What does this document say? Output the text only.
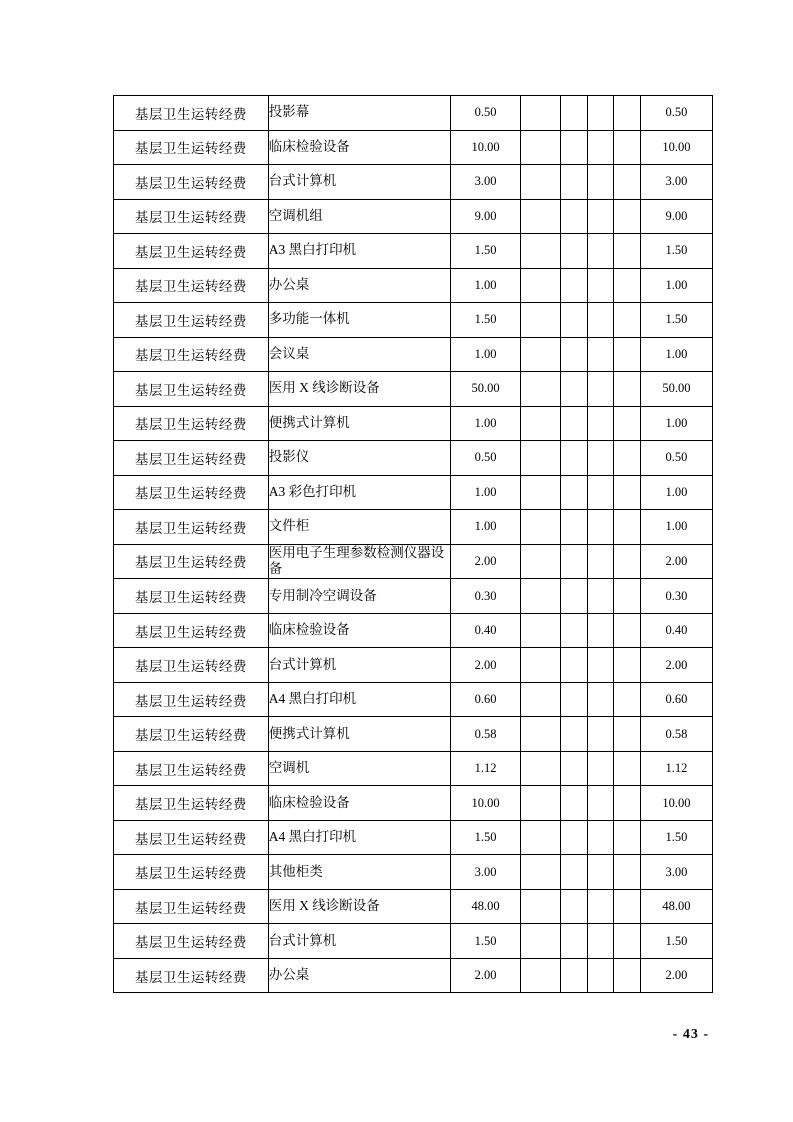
基层卫生运转经费	投影幕	0.50					0.50
基层卫生运转经费	临床检验设备	10.00					10.00
基层卫生运转经费	台式计算机	3.00					3.00
基层卫生运转经费	空调机组	9.00					9.00
基层卫生运转经费	A3 黑白打印机	1.50					1.50
基层卫生运转经费	办公桌	1.00					1.00
基层卫生运转经费	多功能一体机	1.50					1.50
基层卫生运转经费	会议桌	1.00					1.00
基层卫生运转经费	医用 X 线诊断设备	50.00					50.00
基层卫生运转经费	便携式计算机	1.00					1.00
基层卫生运转经费	投影仪	0.50					0.50
基层卫生运转经费	A3 彩色打印机	1.00					1.00
基层卫生运转经费	文件柜	1.00					1.00
基层卫生运转经费	医用电子生理参数检测仪器设备	2.00					2.00
基层卫生运转经费	专用制冷空调设备	0.30					0.30
基层卫生运转经费	临床检验设备	0.40					0.40
基层卫生运转经费	台式计算机	2.00					2.00
基层卫生运转经费	A4 黑白打印机	0.60					0.60
基层卫生运转经费	便携式计算机	0.58					0.58
基层卫生运转经费	空调机	1.12					1.12
基层卫生运转经费	临床检验设备	10.00					10.00
基层卫生运转经费	A4 黑白打印机	1.50					1.50
基层卫生运转经费	其他柜类	3.00					3.00
基层卫生运转经费	医用 X 线诊断设备	48.00					48.00
基层卫生运转经费	台式计算机	1.50					1.50
基层卫生运转经费	办公桌	2.00					2.00
- 43 -
